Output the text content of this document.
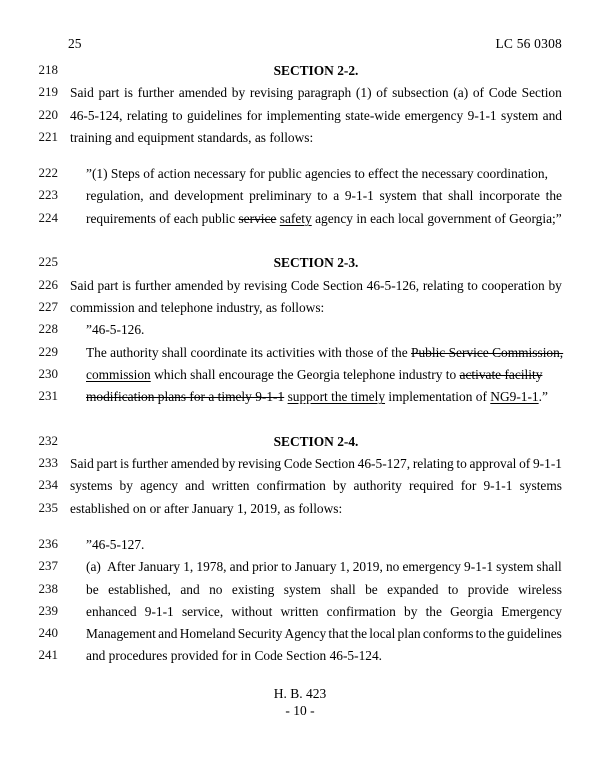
25	LC 56 0308
218	SECTION 2-2.
219 Said part is further amended by revising paragraph (1) of subsection (a) of Code Section
220 46-5-124, relating to guidelines for implementing state-wide emergency 9-1-1 system and
221 training and equipment standards, as follows:
222 ˮ(1) Steps of action necessary for public agencies to effect the necessary coordination,
223 regulation, and development preliminary to a 9-1-1 system that shall incorporate the
224 requirements of each public service safety agency in each local government of Georgia;ˮ
225	SECTION 2-3.
226 Said part is further amended by revising Code Section 46-5-126, relating to cooperation by
227 commission and telephone industry, as follows:
228 ˮ46-5-126.
229 The authority shall coordinate its activities with those of the Public Service Commission,
230 commission which shall encourage the Georgia telephone industry to activate facility
231 modification plans for a timely 9-1-1 support the timely implementation of NG9-1-1.ˮ
232	SECTION 2-4.
233 Said part is further amended by revising Code Section 46-5-127, relating to approval of 9-1-1
234 systems by agency and written confirmation by authority required for 9-1-1 systems
235 established on or after January 1, 2019, as follows:
236 ˮ46-5-127.
237 (a) After January 1, 1978, and prior to January 1, 2019, no emergency 9-1-1 system shall
238 be established, and no existing system shall be expanded to provide wireless
239 enhanced 9-1-1 service, without written confirmation by the Georgia Emergency
240 Management and Homeland Security Agency that the local plan conforms to the guidelines
241 and procedures provided for in Code Section 46-5-124.
H. B. 423
- 10 -
